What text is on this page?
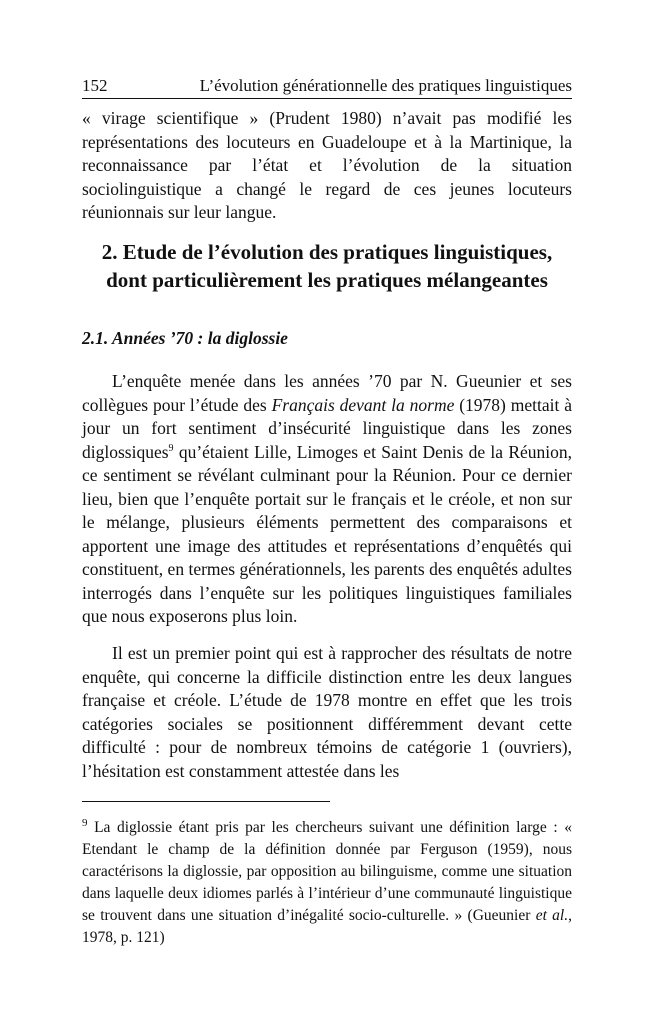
152	L’évolution générationnelle des pratiques linguistiques

« virage scientifique » (Prudent 1980) n’avait pas modifié les représentations des locuteurs en Guadeloupe et à la Martinique, la reconnaissance par l’état et l’évolution de la situation sociolinguistique a changé le regard de ces jeunes locuteurs réunionnais sur leur langue.

2. Etude de l’évolution des pratiques linguistiques,
dont particulièrement les pratiques mélangeantes
2.1. Années ’70 : la diglossie

L’enquête menée dans les années ’70 par N. Gueunier et ses collègues pour l’étude des Français devant la norme (1978) mettait à jour un fort sentiment d’insécurité linguistique dans les zones diglossiques$^9$ qu’étaient Lille, Limoges et Saint Denis de la Réunion, ce sentiment se révélant culminant pour la Réunion. Pour ce dernier lieu, bien que l’enquête portait sur le français et le créole, et non sur le mélange, plusieurs éléments permettent des comparaisons et apportent une image des attitudes et représentations d’enquêtés qui constituent, en termes générationnels, les parents des enquêtés adultes interrogés dans l’enquête sur les politiques linguistiques familiales que nous exposerons plus loin.

Il est un premier point qui est à rapprocher des résultats de notre enquête, qui concerne la difficile distinction entre les deux langues française et créole. L’étude de 1978 montre en effet que les trois catégories sociales se positionnent différemment devant cette difficulté : pour de nombreux témoins de catégorie 1 (ouvriers), l’hésitation est constamment attestée dans les

$^9$ La diglossie étant pris par les chercheurs suivant une définition large : « Etendant le champ de la définition donnée par Ferguson (1959), nous caractérisons la diglossie, par opposition au bilinguisme, comme une situation dans laquelle deux idiomes parlés à l’intérieur d’une communauté linguistique se trouvent dans une situation d’inégalité socio-culturelle. » (Gueunier et al., 1978, p. 121)
